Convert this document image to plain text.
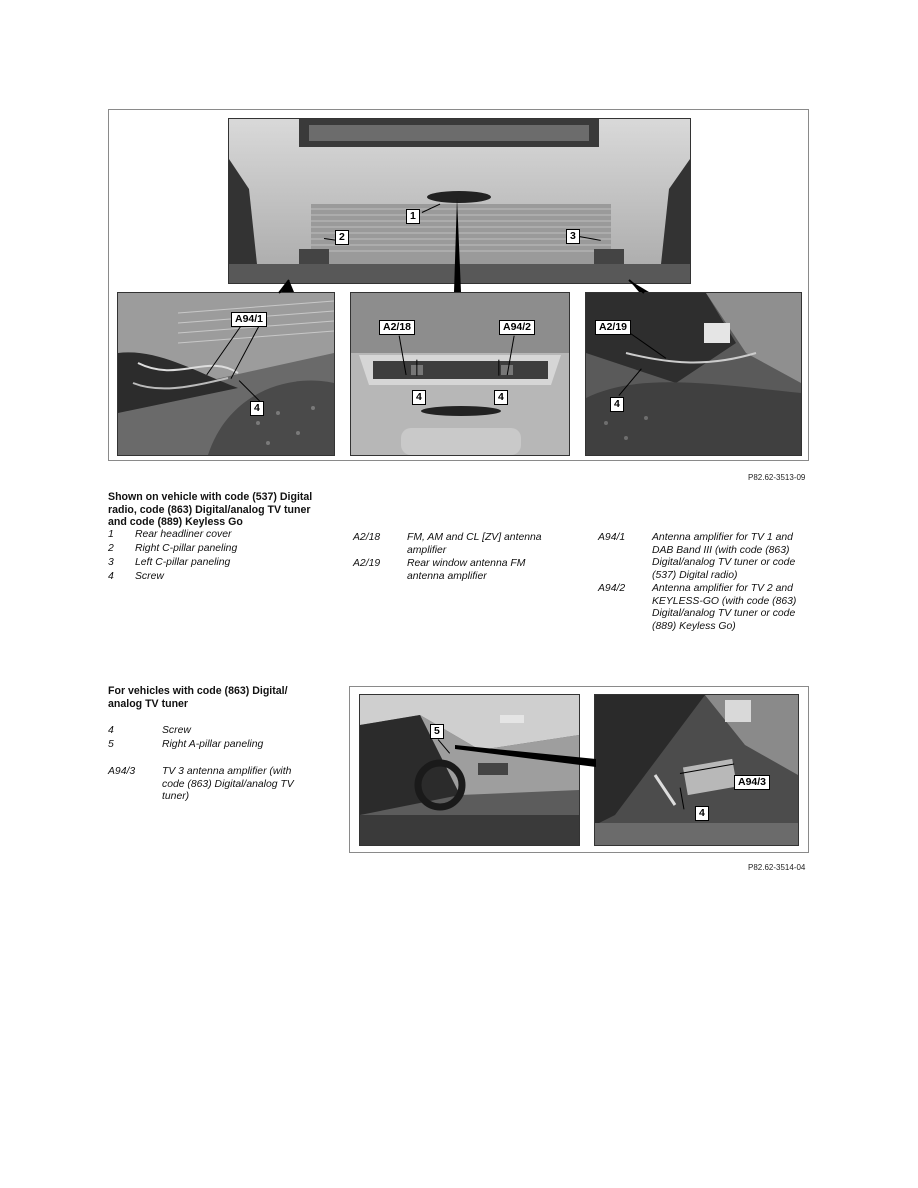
1
2	3
A94/1
4
A2/18	A94/2
4	4
A2/19
4
P82.62-3513-09
Shown on vehicle with code (537) Digital
radio, code (863) Digital/analog TV tuner
and code (889) Keyless Go
1 Rear headliner cover
2 Right C-pillar paneling
3 Left C-pillar paneling
4 Screw
A2/18	FM, AM and CL [ZV] antenna
amplifier
A2/19	Rear window antenna FM
antenna amplifier
A94/1	Antenna amplifier for TV 1 and
DAB Band III (with code (863)
Digital/analog TV tuner or code
(537) Digital radio)
A94/2	Antenna amplifier for TV 2 and
KEYLESS-GO (with code (863)
Digital/analog TV tuner or code
(889) Keyless Go)
For vehicles with code (863) Digital/
analog TV tuner
4	Screw
5	Right A-pillar paneling
A94/3	TV 3 antenna amplifier (with
code (863) Digital/analog TV
tuner)
5
A94/3
4
P82.62-3514-04
